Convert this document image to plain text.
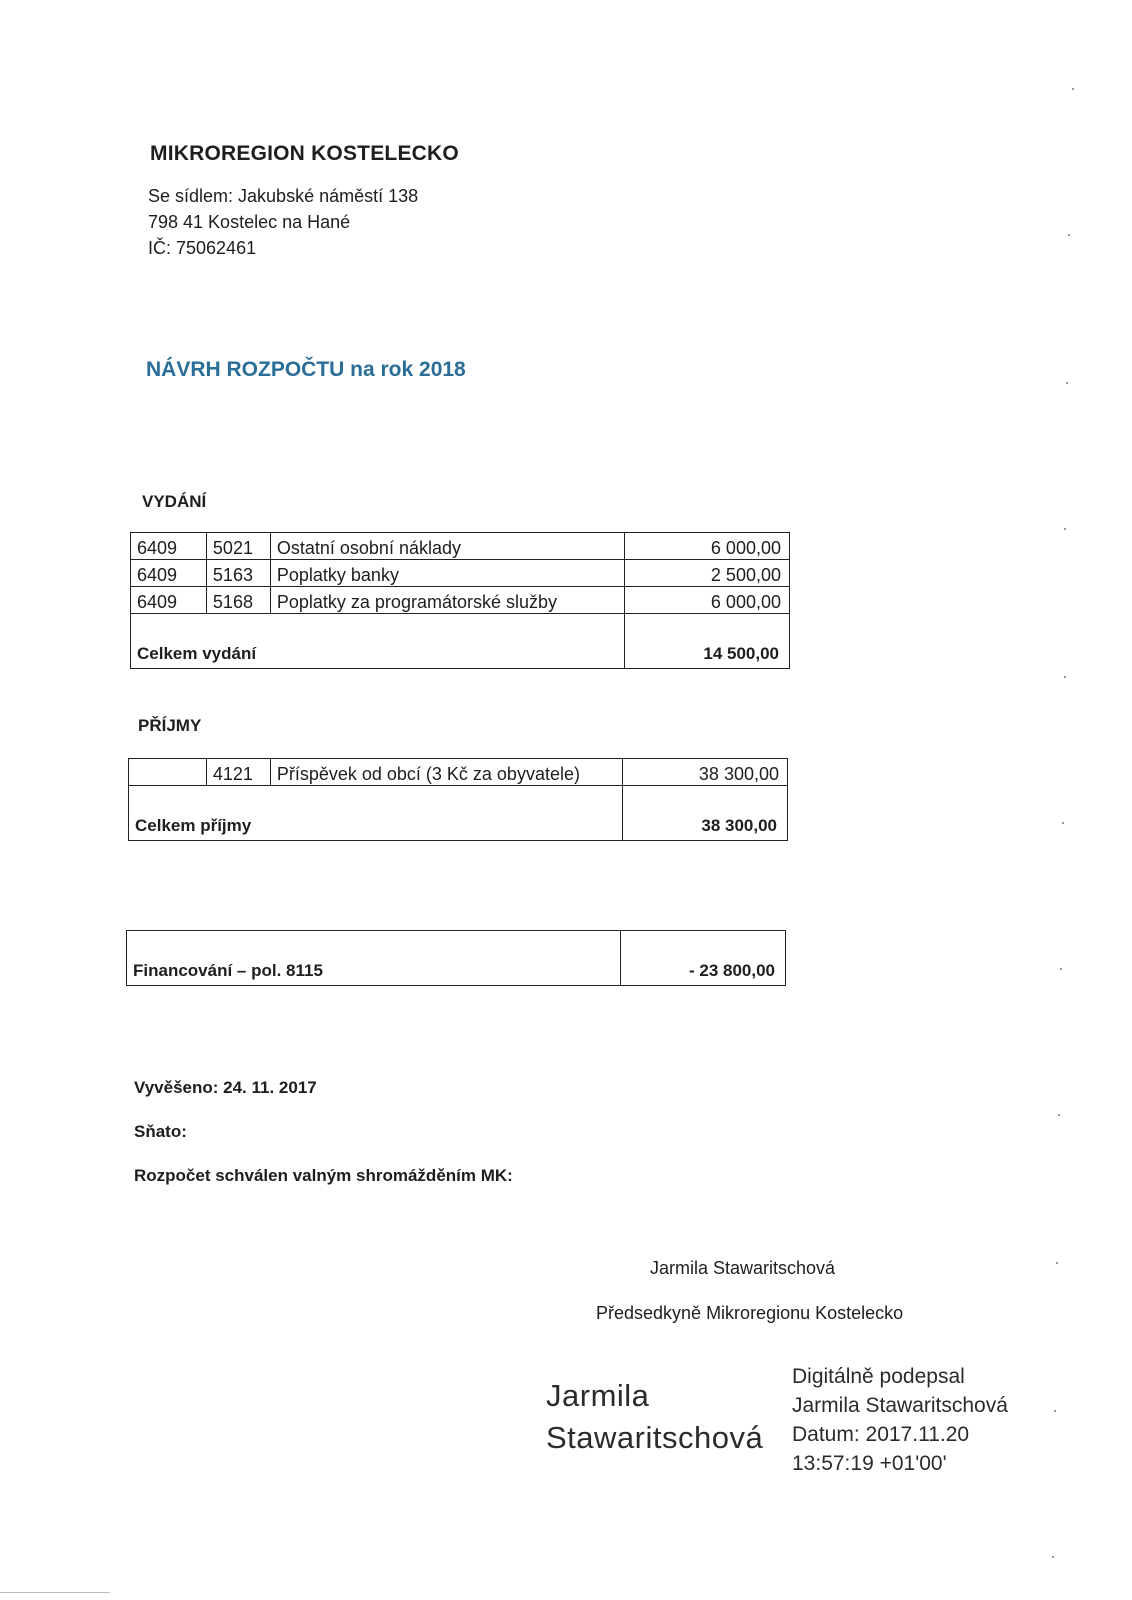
MIKROREGION KOSTELECKO
Se sídlem: Jakubské náměstí 138
798 41 Kostelec na Hané
IČ: 75062461
NÁVRH ROZPOČTU na rok 2018
VYDÁNÍ
6409	5021	Ostatní osobní náklady	6 000,00
6409	5163	Poplatky banky	2 500,00
6409	5168	Poplatky za programátorské služby	6 000,00
Celkem vydání			14 500,00
PŘÍJMY
	4121	Příspěvek od obcí (3 Kč za obyvatele)	38 300,00
Celkem příjmy			38 300,00
Financování – pol. 8115	- 23 800,00
Vyvěšeno: 24. 11. 2017
Sňato:
Rozpočet schválen valným shromážděním MK:
Jarmila Stawaritschová
Předsedkyně Mikroregionu Kostelecko
Jarmila
Stawaritschová
Digitálně podepsal
Jarmila Stawaritschová
Datum: 2017.11.20
13:57:19 +01'00'
